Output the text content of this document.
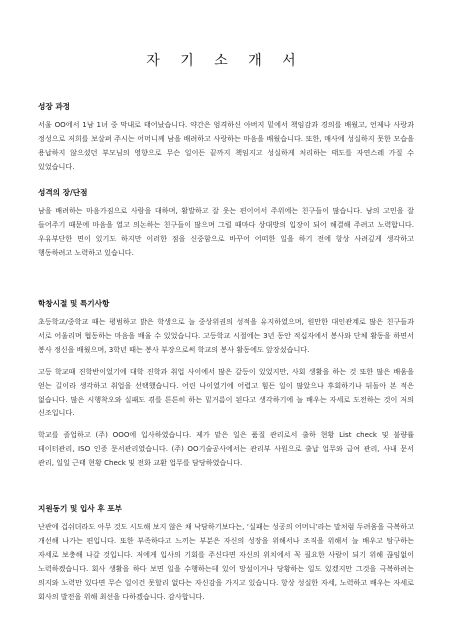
자 기 소 개 서
성장 과정

서울 OO에서 1남 1녀 중 막내로 태어났습니다. 약간은 엄격하신 아버지 밑에서 책임감과 경의를 배웠고, 언제나 사랑과 정성으로 저희를 보살펴 주시는 어머니께 남을 배려하고 사랑하는 마음을 배웠습니다. 또한, 매사에 성실하지 못한 모습을 용납하지 않으셨던 부모님의 영향으로 무슨 일이든 끝까지 책임지고 성실하게 처리하는 태도를 자연스레 가질 수 있었습니다.

성격의 장/단점

남을 배려하는 마음가짐으로 사람을 대하며, 활발하고 잘 웃는 편이어서 주위에는 친구들이 많습니다. 남의 고민을 잘 들어주기 때문에 마음을 열고 의논하는 친구들이 많으며 그럴 때마다 상대방의 입장이 되어 해결해 주려고 노력합니다. 우유부단한 면이 있기도 하지만 이러한 점을 신중함으로 바꾸어 어떠한 일을 하기 전에 항상 사려깊게 생각하고 행동하려고 노력하고 있습니다.

학창시절 및 특기사항

초등학교/중학교 때는 평범하고 밝은 학생으로 늘 중상위권의 성적을 유지하였으며, 원만한 대인관계로 많은 친구들과 서로 어울리며 협동하는 마음을 배울 수 있었습니다. 고등학교 시절에는 3년 동안 적십자에서 봉사와 단체 활동을 하면서 봉사 정신을 배웠으며, 3학년 때는 봉사 부장으로써 학교의 봉사 활동에도 앞장섰습니다.

고등 학교때 진학반이었기에 대학 진학과 취업 사이에서 많은 갈등이 있었지만, 사회 생활을 하는 것 또한 많은 배움을 얻는 길이라 생각하고 취업을 선택했습니다. 어린 나이였기에 어렵고 힘든 일이 많았으나 후회하기나 뒤돌아 본 적은 없습니다. 많은 시행착오와 실패도 겪를 튼튼히 하는 밑거름이 된다고 생각하기에 늘 배우는 자세로 도전하는 것이 저의 신조입니다.

학교를 졸업하고 (주) OOO에 입사하였습니다. 제가 맡은 일은 품질 관리로서 출하 현황 List check 및 불량률 데이터관리, ISO 인증 문서관리였습니다. (주) OO기술공사에서는 관리부 사원으로 출납 업무와 급여 관리, 사내 문서 관리, 일일 근태 현황 Check 및 전화 교환 업무를 담당하였습니다.

지원동기 및 입사 후 포부

난관에 겁쉬더라도 아무 것도 시도해 보지 않은 채 낙담하기보다는, ‘실패는 성공의 어머니’라는 말처럼 두려움을 극복하고 개선해 나가는 편입니다. 또한 부족하다고 느끼는 부분은 자신의 성장을 위해서나 조직을 위해서 늘 배우고 탐구하는 자세로 보충해 나갈 것입니다. 저에게 입사의 기회를 주신다면 자신의 위치에서 꼭 필요한 사람이 되기 위해 끊임없이 노력하겠습니다. 회사 생활을 하다 보면 일을 수행하는데 있어 망설이거나 당황하는 일도 있겠지만 그것을 극복하려는 의지와 노력만 있다면 무슨 일이건 못할리 없다는 자신감을 가지고 있습니다. 항상 성실한 자세, 노력하고 배우는 자세로 회사의 발전을 위해 최선을 다하겠습니다. 감사합니다.
